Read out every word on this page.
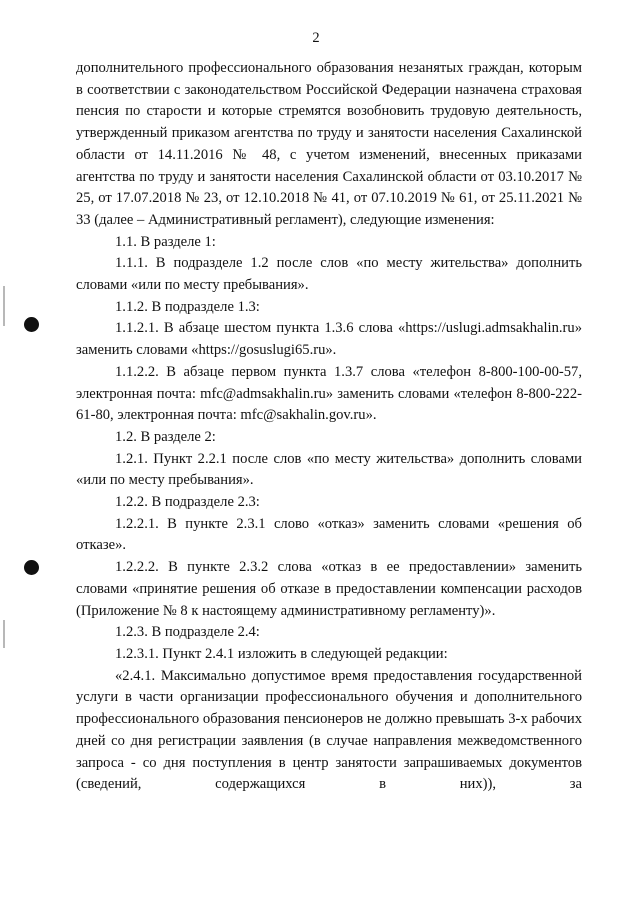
2

дополнительного профессионального образования незанятых граждан, которым в соответствии с законодательством Российской Федерации назначена страховая пенсия по старости и которые стремятся возобновить трудовую деятельность, утвержденный приказом агентства по труду и занятости населения Сахалинской области от 14.11.2016 № 48, с учетом изменений, внесенных приказами агентства по труду и занятости населения Сахалинской области от 03.10.2017 № 25, от 17.07.2018 № 23, от 12.10.2018 № 41, от 07.10.2019 № 61, от 25.11.2021 № 33 (далее – Административный регламент), следующие изменения:

1.1. В разделе 1:

1.1.1. В подразделе 1.2 после слов «по месту жительства» дополнить словами «или по месту пребывания».

1.1.2. В подразделе 1.3:

1.1.2.1. В абзаце шестом пункта 1.3.6 слова «https://uslugi.admsakhalin.ru» заменить словами «https://gosuslugi65.ru».

1.1.2.2. В абзаце первом пункта 1.3.7 слова «телефон 8-800-100-00-57, электронная почта: mfc@admsakhalin.ru» заменить словами «телефон 8-800-222-61-80, электронная почта: mfc@sakhalin.gov.ru».

1.2. В разделе 2:

1.2.1. Пункт 2.2.1 после слов «по месту жительства» дополнить словами «или по месту пребывания».

1.2.2. В подразделе 2.3:

1.2.2.1. В пункте 2.3.1 слово «отказ» заменить словами «решения об отказе».

1.2.2.2. В пункте 2.3.2 слова «отказ в ее предоставлении» заменить словами «принятие решения об отказе в предоставлении компенсации расходов (Приложение № 8 к настоящему административному регламенту)».

1.2.3. В подразделе 2.4:

1.2.3.1. Пункт 2.4.1 изложить в следующей редакции:

«2.4.1. Максимально допустимое время предоставления государственной услуги в части организации профессионального обучения и дополнительного профессионального образования пенсионеров не должно превышать 3-х рабочих дней со дня регистрации заявления (в случае направления межведомственного запроса - со дня поступления в центр занятости запрашиваемых документов (сведений, содержащихся в них)), за
